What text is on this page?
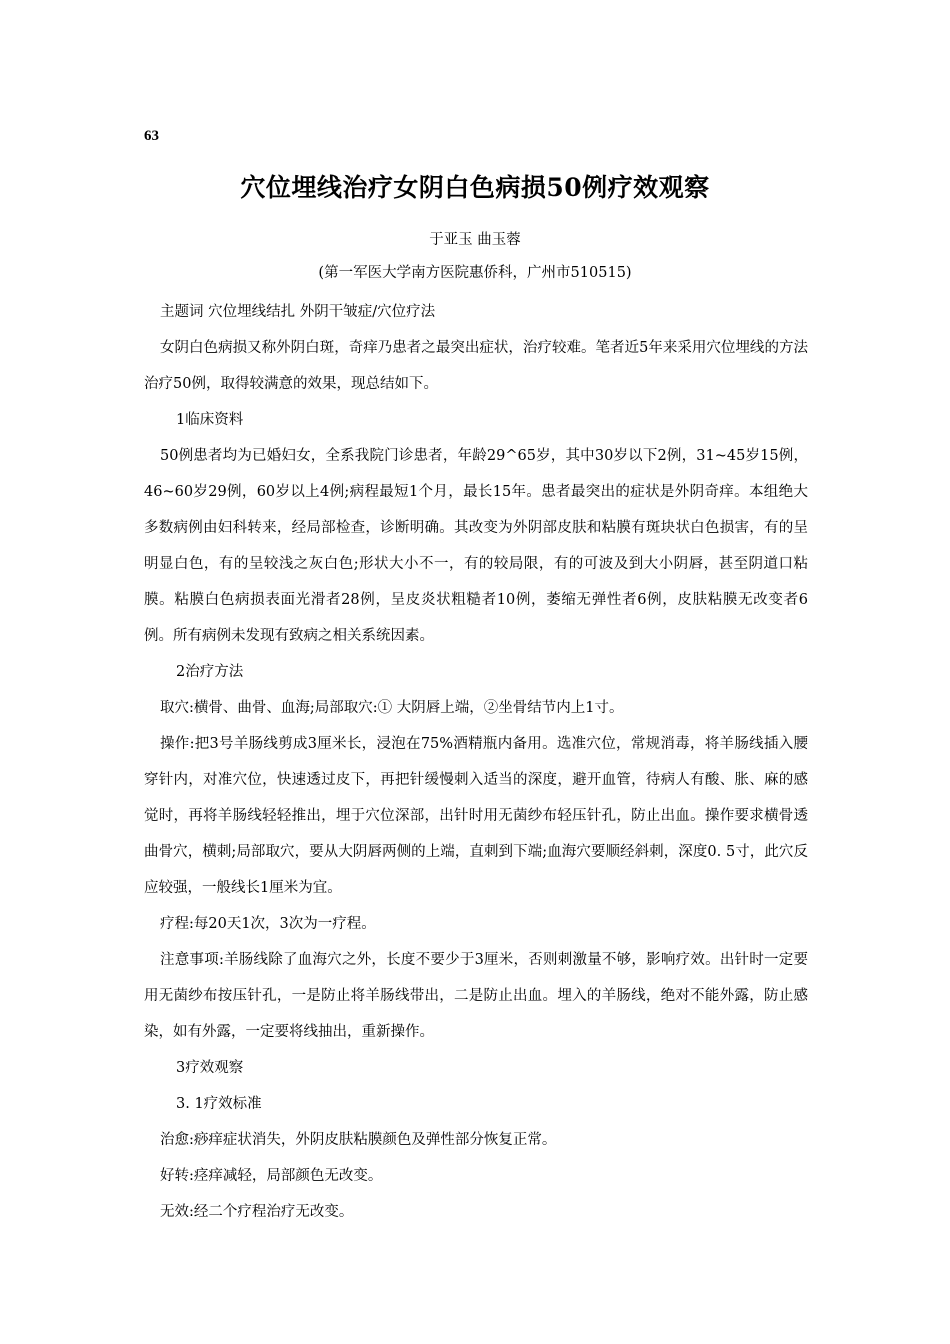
63
穴位埋线治疗女阴白色病损50例疗效观察
于亚玉 曲玉蓉
(第一军医大学南方医院惠侨科，广州市510515)

主题词 穴位埋线结扎 外阴干皱症/穴位疗法

女阴白色病损又称外阴白斑，奇痒乃患者之最突出症状，治疗较难。笔者近5年来采用穴位埋线的方法治疗50例，取得较满意的效果，现总结如下。

1临床资料

50例患者均为已婚妇女，全系我院门诊患者，年龄29^65岁，其中30岁以下2例，31~45岁15例，46~60岁29例，60岁以上4例;病程最短1个月，最长15年。患者最突出的症状是外阴奇痒。本组绝大多数病例由妇科转来，经局部检查，诊断明确。其改变为外阴部皮肤和粘膜有斑块状白色损害，有的呈明显白色，有的呈较浅之灰白色;形状大小不一，有的较局限，有的可波及到大小阴唇，甚至阴道口粘膜。粘膜白色病损表面光滑者28例，呈皮炎状粗糙者10例，萎缩无弹性者6例，皮肤粘膜无改变者6例。所有病例未发现有致病之相关系统因素。

2治疗方法

取穴:横骨、曲骨、血海;局部取穴:① 大阴唇上端，②坐骨结节内上1寸。

操作:把3号羊肠线剪成3厘米长，浸泡在75%酒精瓶内备用。选准穴位，常规消毒，将羊肠线插入腰穿针内，对准穴位，快速透过皮下，再把针缓慢刺入适当的深度，避开血管，待病人有酸、胀、麻的感觉时，再将羊肠线轻轻推出，埋于穴位深部，出针时用无菌纱布轻压针孔，防止出血。操作要求横骨透曲骨穴，横刺;局部取穴，要从大阴唇两侧的上端，直刺到下端;血海穴要顺经斜刺，深度0. 5寸，此穴反应较强，一般线长1厘米为宜。

疗程:每20天1次，3次为一疗程。

注意事项:羊肠线除了血海穴之外，长度不要少于3厘米，否则刺激量不够，影响疗效。出针时一定要用无菌纱布按压针孔，一是防止将羊肠线带出，二是防止出血。埋入的羊肠线，绝对不能外露，防止感染，如有外露，一定要将线抽出，重新操作。

3疗效观察

3. 1疗效标准

治愈:痧痒症状消失，外阴皮肤粘膜颜色及弹性部分恢复正常。

好转:痉痒减轻，局部颜色无改变。

无效:经二个疗程治疗无改变。
